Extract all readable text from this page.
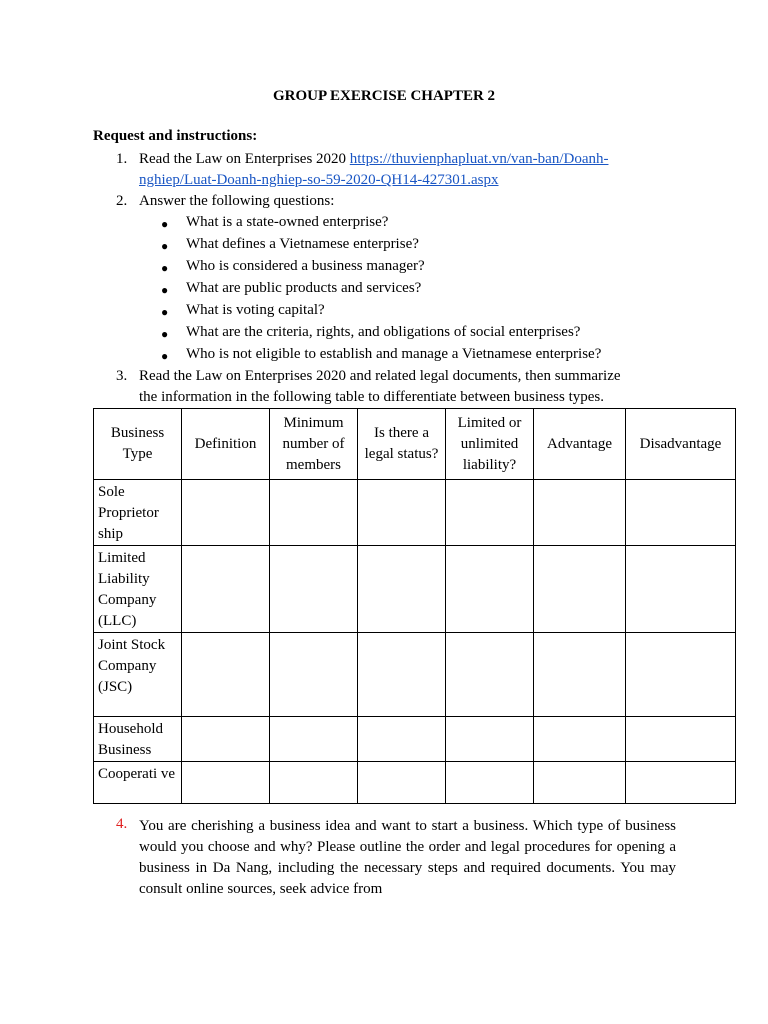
GROUP EXERCISE CHAPTER 2
Request and instructions:
1. Read the Law on Enterprises 2020 https://thuvienphapluat.vn/van-ban/Doanh-
nghiep/Luat-Doanh-nghiep-so-59-2020-QH14-427301.aspx
2. Answer the following questions:
● What is a state-owned enterprise?
● What defines a Vietnamese enterprise?
● Who is considered a business manager?
● What are public products and services?
● What is voting capital?
● What are the criteria, rights, and obligations of social enterprises?
● Who is not eligible to establish and manage a Vietnamese enterprise?
3. Read the Law on Enterprises 2020 and related legal documents, then summarize
the information in the following table to differentiate between business types.
Business Type	Definition	Minimum number of members	Is there a legal status?	Limited or unlimited liability?	Advantage	Disadvantage
Sole Proprietor ship						
Limited Liability Company (LLC)						
Joint Stock Company (JSC)						
Household Business						
Cooperati ve						
4. You are cherishing a business idea and want to start a business. Which type of business would you choose and why? Please outline the order and legal procedures for opening a business in Da Nang, including the necessary steps and required documents. You may consult online sources, seek advice from
